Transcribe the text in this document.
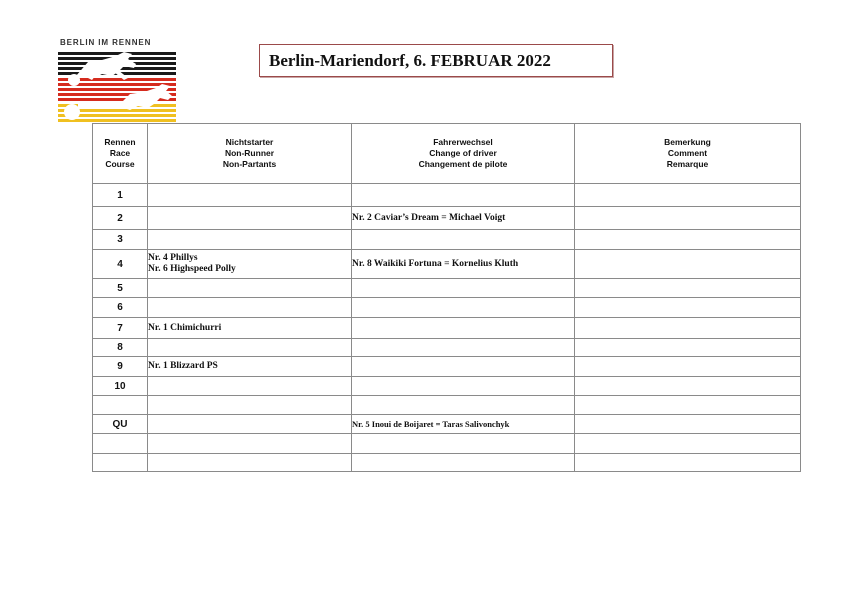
BERLIN IM RENNEN
Berlin-Mariendorf, 6. FEBRUAR 2022
Rennen
Race
Course	Nichtstarter
Non-Runner
Non-Partants	Fahrerwechsel
Change of driver
Changement de pilote	Bemerkung
Comment
Remarque

1			
2		Nr. 2 Caviar’s Dream = Michael Voigt	
3			
4	Nr. 4 Phillys
Nr. 6 Highspeed Polly	Nr. 8 Waikiki Fortuna = Kornelius Kluth	
5			
6			
7	Nr. 1 Chimichurri		

8			
9	Nr. 1 Blizzard PS		

10			

QU		Nr. 5 Inoui de Boijaret = Taras Salivonchyk	
